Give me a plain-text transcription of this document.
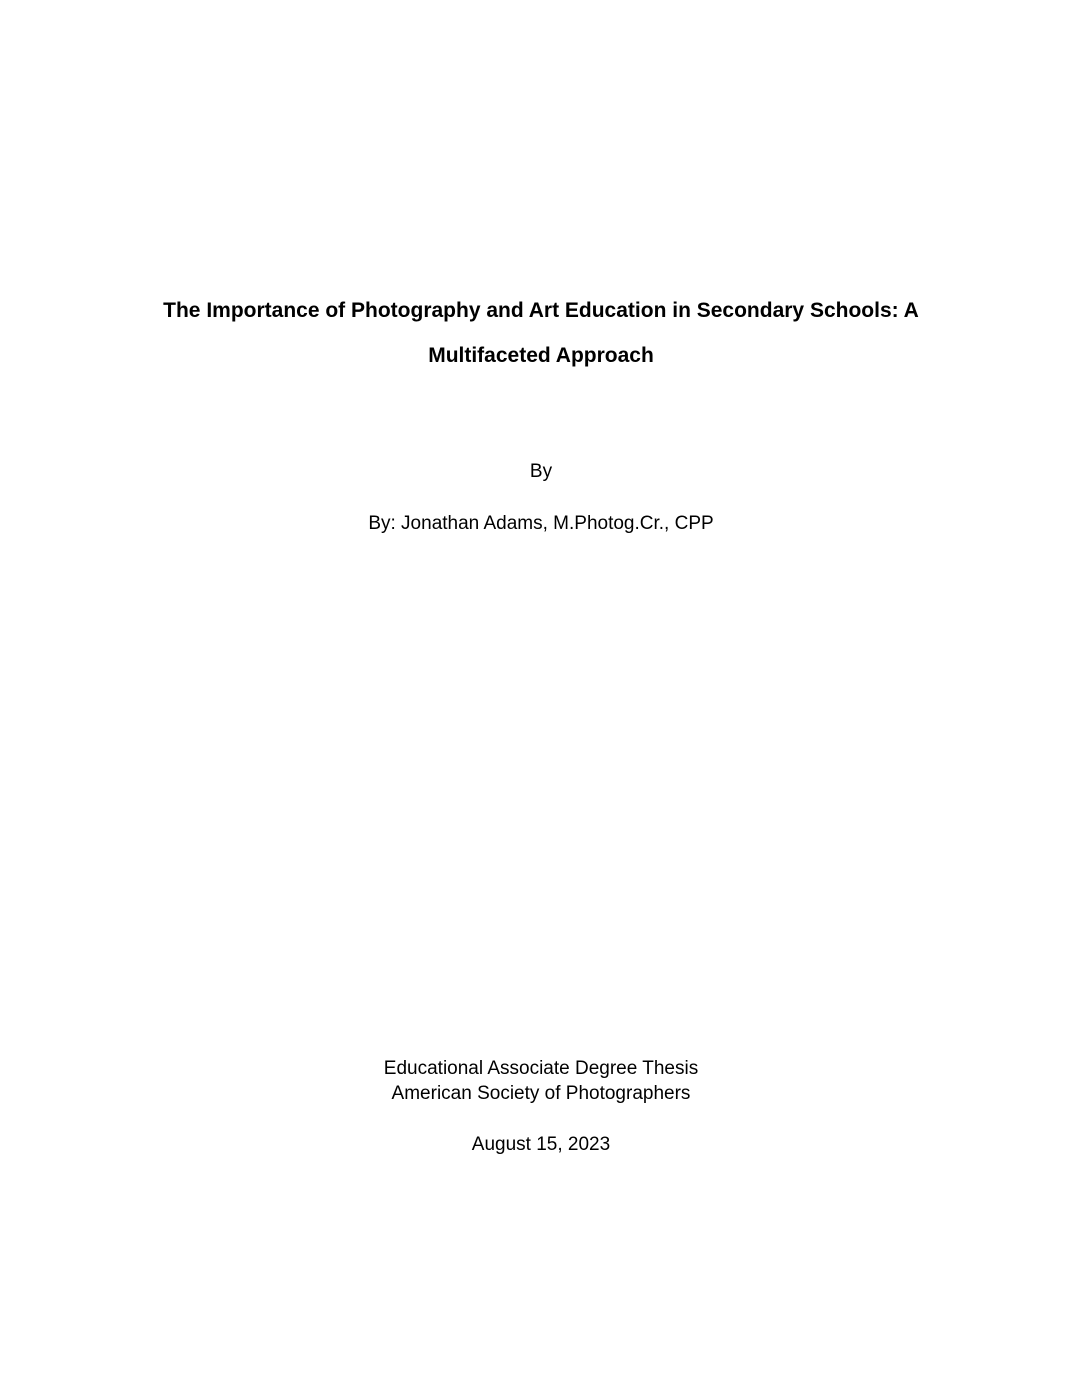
The Importance of Photography and Art Education in Secondary Schools: A Multifaceted Approach

By

By: Jonathan Adams, M.Photog.Cr., CPP

Educational Associate Degree Thesis
American Society of Photographers

August 15, 2023
